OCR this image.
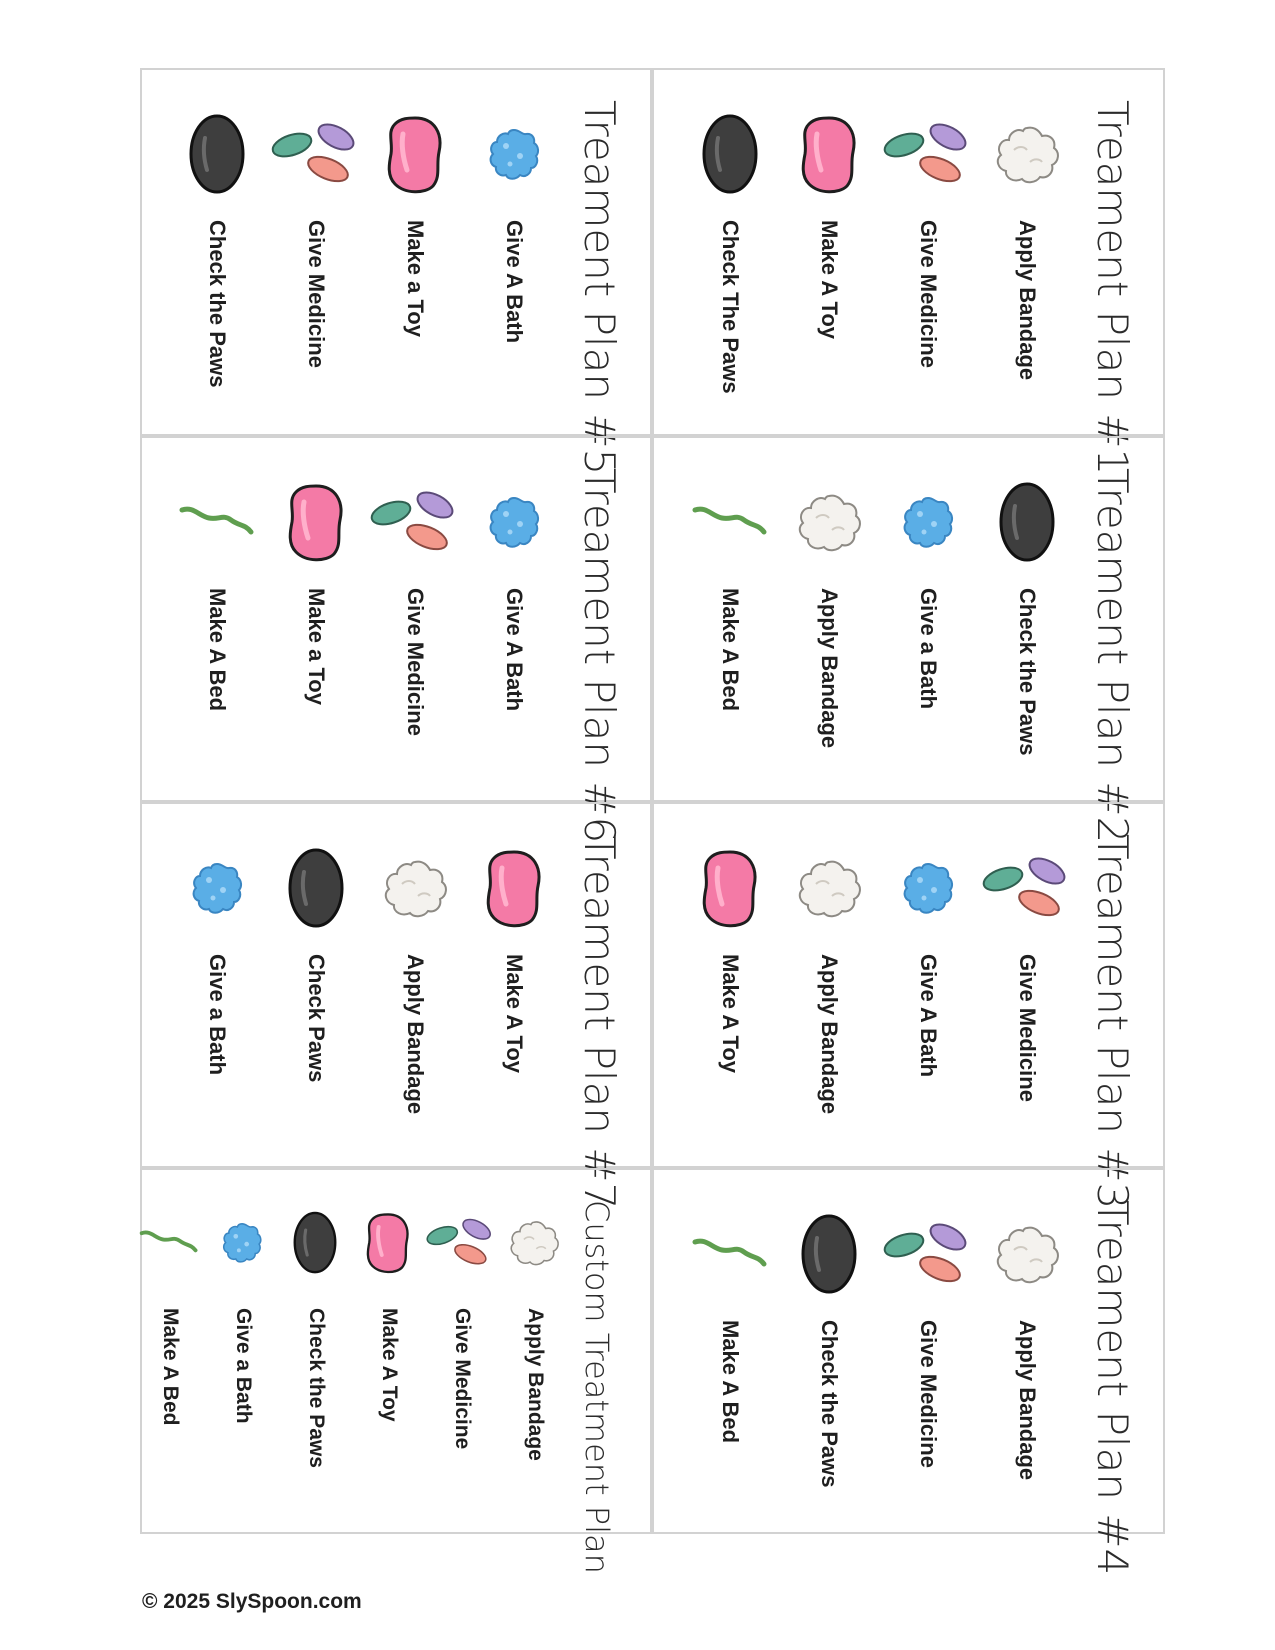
Treament Plan #1
Apply Bandage
Give Medicine
Make A Toy
Check The Paws
Treament Plan #2
Check the Paws
Give a Bath
Apply Bandage
Make A Bed
Treament Plan #3
Give Medicine
Give A Bath
Apply Bandage
Make A Toy
Treament Plan #4
Apply Bandage
Give Medicine
Check the Paws
Make A Bed
Treament Plan #5
Give A Bath
Make a Toy
Give Medicine
Check the Paws
Treament Plan #6
Give A Bath
Give Medicine
Make a Toy
Make A Bed
Treament Plan #7
Make A Toy
Apply Bandage
Check Paws
Give a Bath
Custom Treatment Plan
Apply Bandage
Give Medicine
Make A Toy
Check the Paws
Give a Bath
Make A Bed
© 2025 SlySpoon.com
